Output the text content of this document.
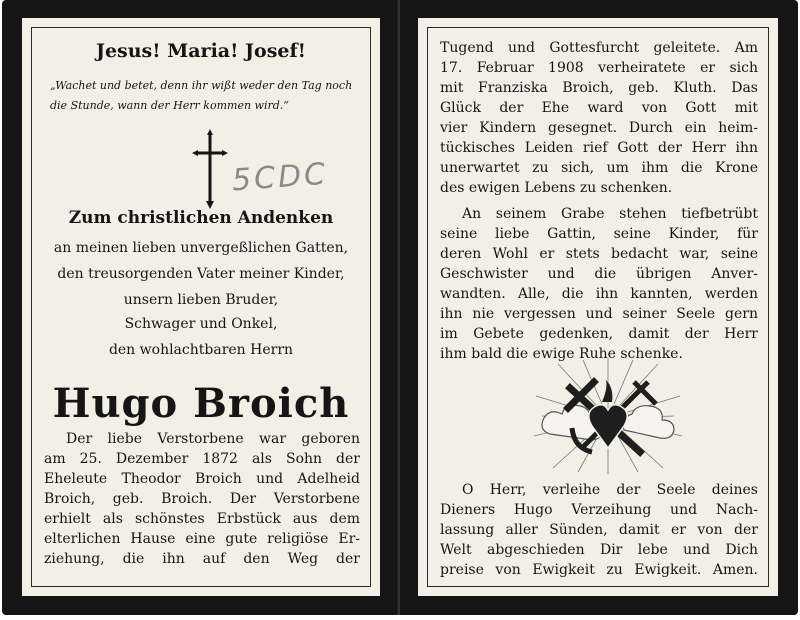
Jesus! Maria! Josef!
„Wachet und betet, denn ihr wißt weder den Tag noch die Stunde, wann der Herr kommen wird.“
5CDC
Zum christlichen Andenken
an meinen lieben unvergeßlichen Gatten,
den treusorgenden Vater meiner Kinder,
unsern lieben Bruder,
Schwager und Onkel,
den wohlachtbaren Herrn
Hugo Broich
Der liebe Verstorbene war geboren
am 25. Dezember 1872 als Sohn der
Eheleute Theodor Broich und Adelheid
Broich, geb. Broich. Der Verstorbene
erhielt als schönstes Erbstück aus dem
elterlichen Hause eine gute religiöse Er-
ziehung, die ihn auf den Weg der
Tugend und Gottesfurcht geleitete. Am
17. Februar 1908 verheiratete er sich
mit Franziska Broich, geb. Kluth. Das
Glück der Ehe ward von Gott mit
vier Kindern gesegnet. Durch ein heim-
tückisches Leiden rief Gott der Herr ihn
unerwartet zu sich, um ihm die Krone
des ewigen Lebens zu schenken.
An seinem Grabe stehen tiefbetrübt
seine liebe Gattin, seine Kinder, für
deren Wohl er stets bedacht war, seine
Geschwister und die übrigen Anver-
wandten. Alle, die ihn kannten, werden
ihn nie vergessen und seiner Seele gern
im Gebete gedenken, damit der Herr
ihm bald die ewige Ruhe schenke.
O Herr, verleihe der Seele deines
Dieners Hugo Verzeihung und Nach-
lassung aller Sünden, damit er von der
Welt abgeschieden Dir lebe und Dich
preise von Ewigkeit zu Ewigkeit. Amen.
